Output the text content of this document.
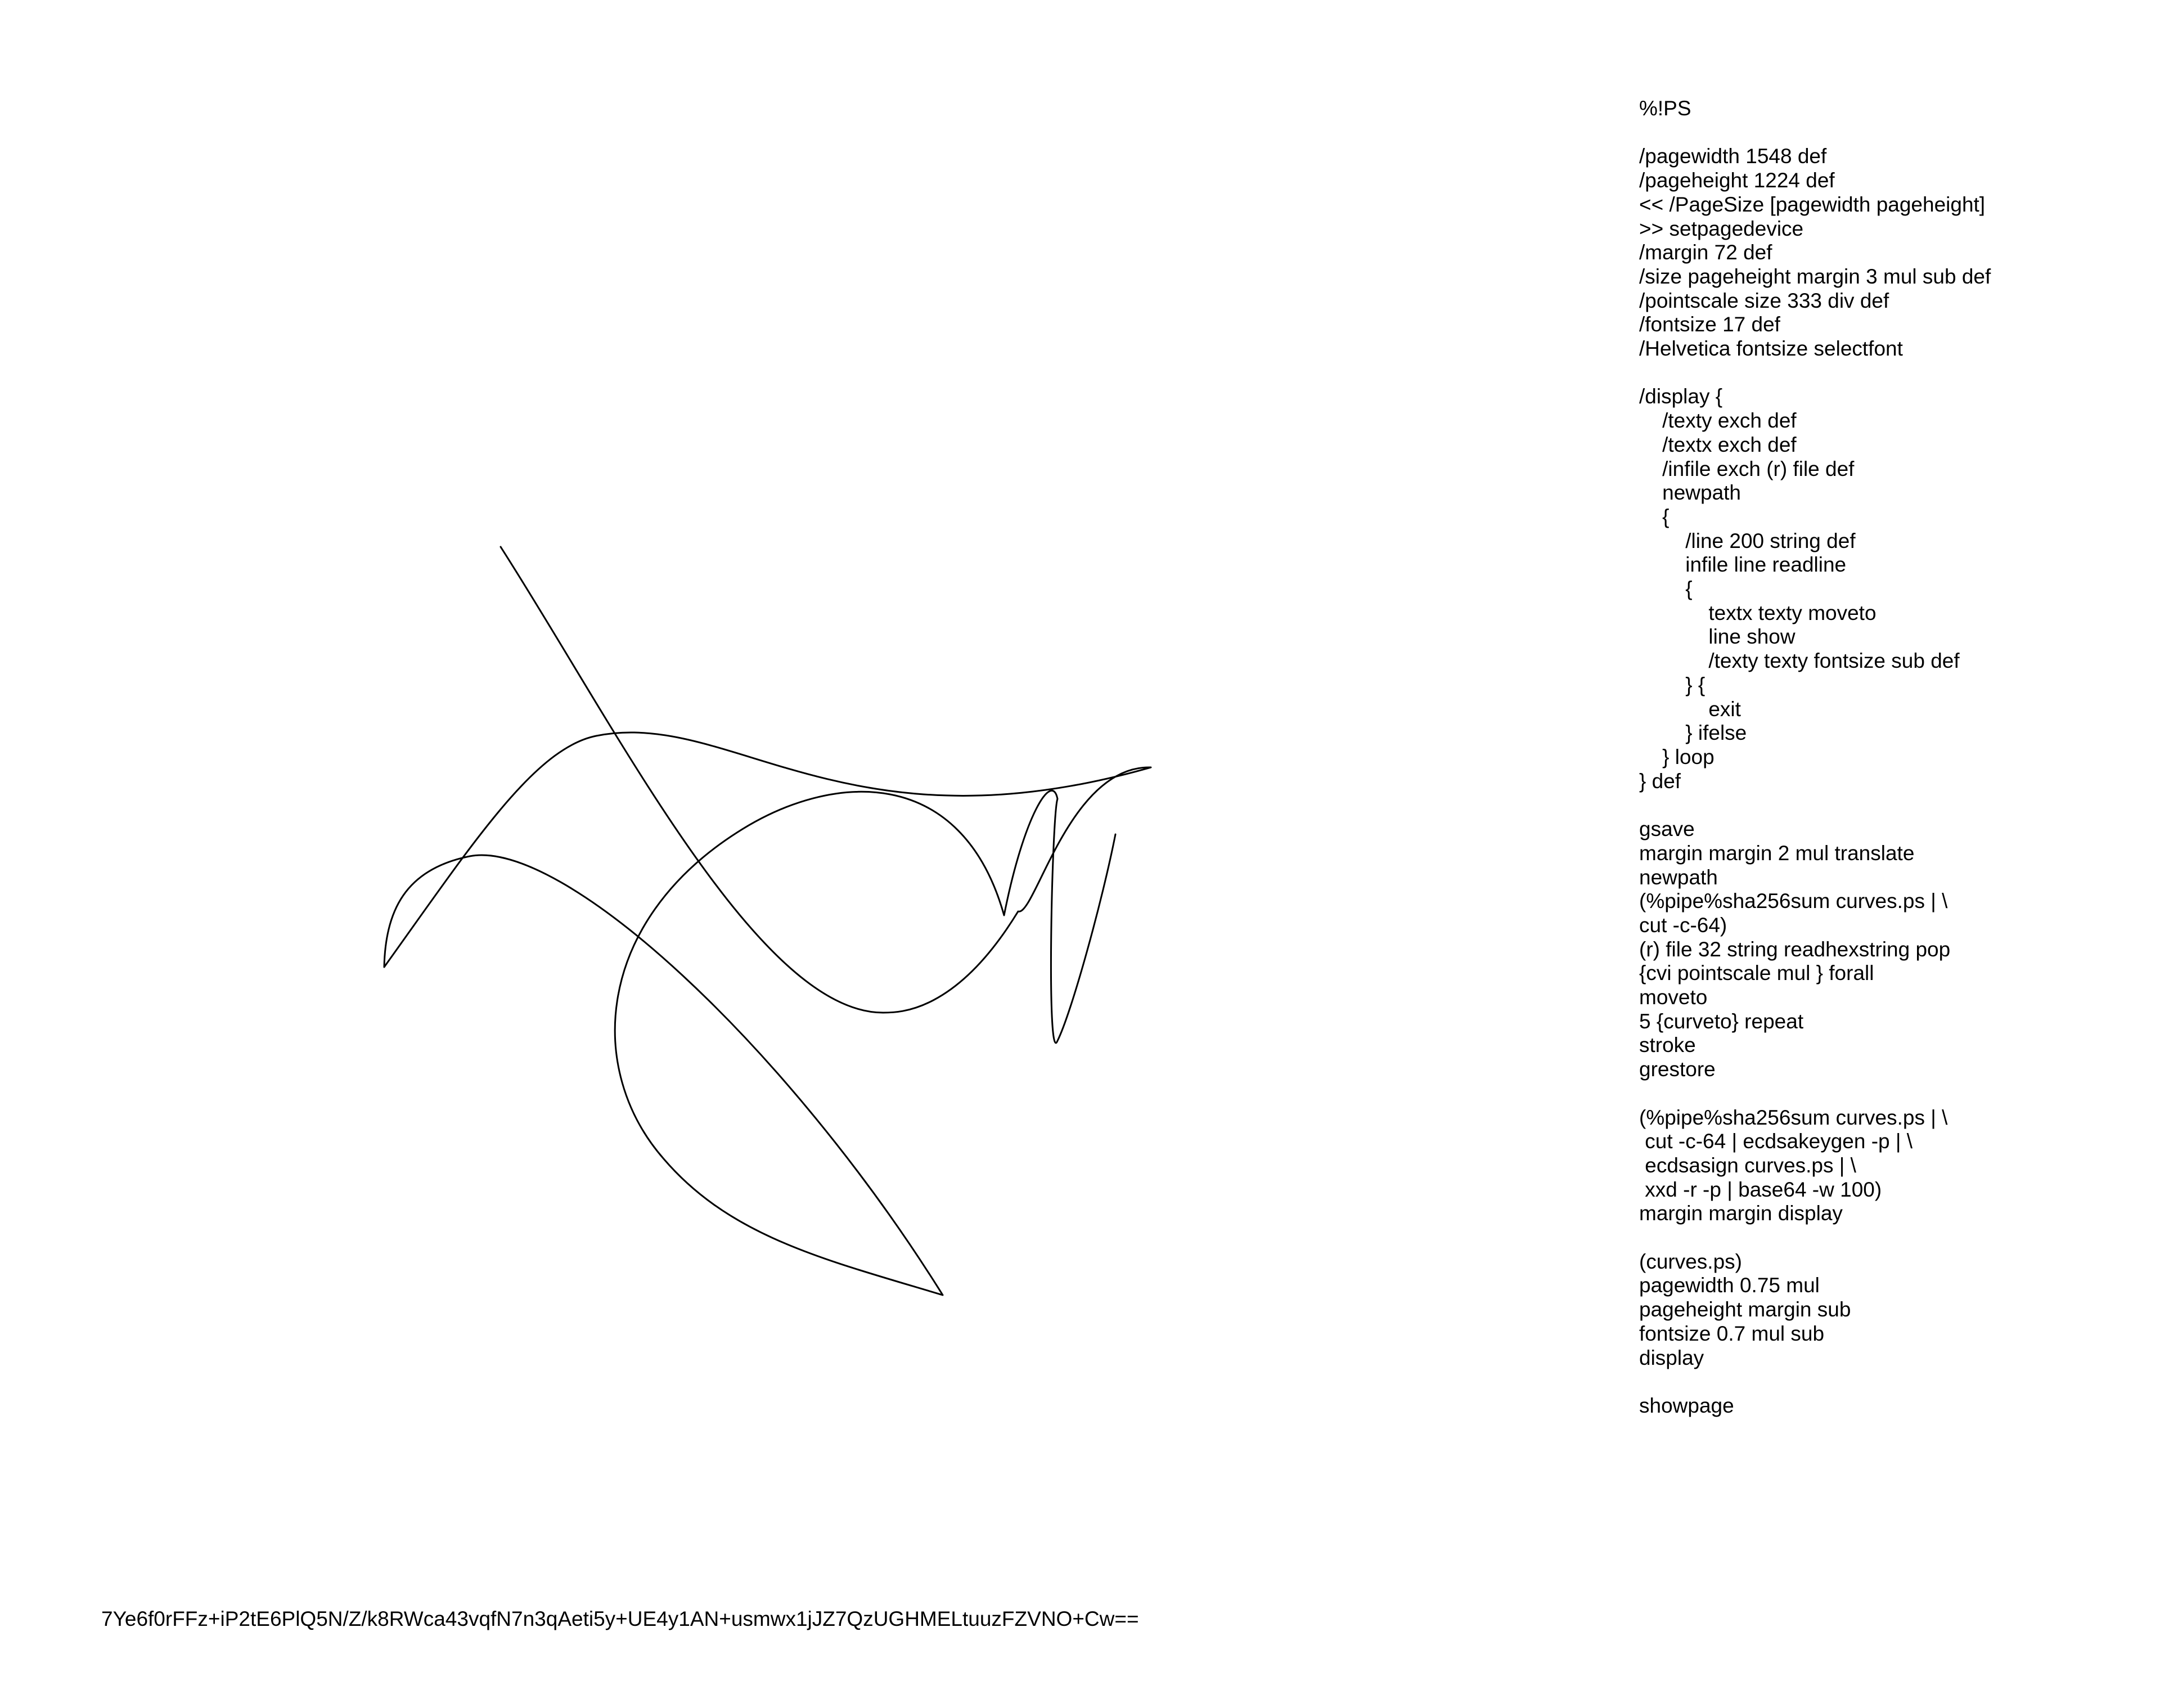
%!PS

/pagewidth 1548 def
/pageheight 1224 def
<< /PageSize [pagewidth pageheight]
>> setpagedevice
/margin 72 def
/size pageheight margin 3 mul sub def
/pointscale size 333 div def
/fontsize 17 def
/Helvetica fontsize selectfont

/display {
/texty exch def
/textx exch def
/infile exch (r) file def
newpath
{
/line 200 string def
infile line readline
{
textx texty moveto
line show
/texty texty fontsize sub def
} {
exit
} ifelse
} loop
} def

gsave
margin margin 2 mul translate
newpath
(%pipe%sha256sum curves.ps | \
cut -c-64)
(r) file 32 string readhexstring pop
{cvi pointscale mul } forall
moveto
5 {curveto} repeat
stroke
grestore

(%pipe%sha256sum curves.ps | \
cut -c-64 | ecdsakeygen -p | \
ecdsasign curves.ps | \
xxd -r -p | base64 -w 100)
margin margin display

(curves.ps)
pagewidth 0.75 mul
pageheight margin sub
fontsize 0.7 mul sub
display

showpage

7Ye6f0rFFz+iP2tE6PlQ5N/Z/k8RWca43vqfN7n3qAeti5y+UE4y1AN+usmwx1jJZ7QzUGHMELtuuzFZVNO+Cw==
